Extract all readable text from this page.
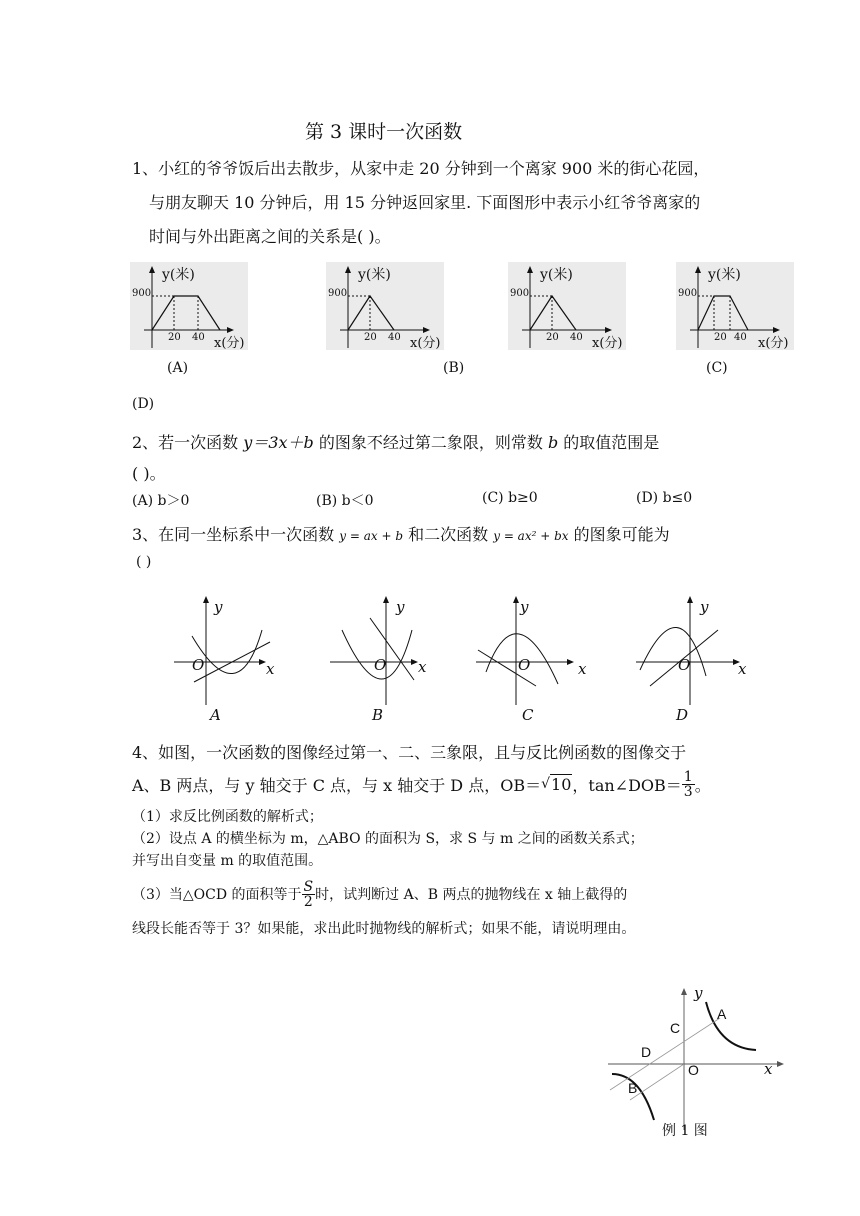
第 3 课时一次函数
1、小红的爷爷饭后出去散步，从家中走 20 分钟到一个离家 900 米的街心花园，
与朋友聊天 10 分钟后，用 15 分钟返回家里. 下面图形中表示小红爷爷离家的
时间与外出距离之间的关系是( )。
900
20 40
y(米)
x(分)
900
20 40
y(米)
x(分)
900
20 40
y(米)
x(分)
900
20 40
y(米)
x(分)
(A)	(B)	(C)
(D)
2、若一次函数 y＝3x＋b 的图象不经过第二象限，则常数 b 的取值范围是
( )。
(A) b＞0	(B) b＜0	(C) b≥0	(D) b≤0
3、在同一坐标系中一次函数 y = ax + b 和二次函数 y = ax² + bx 的图象可能为
( )
y
x
O
y
x
O
y
x
O
y
x
O
A	B	C	D
4、如图，一次函数的图像经过第一、二、三象限，且与反比例函数的图像交于
A、B 两点，与 y 轴交于 C 点，与 x 轴交于 D 点，OB＝ √ 10 ，tan∠DOB＝ $\frac{1}{3}$ 。
（1）求反比例函数的解析式；
（2）设点 A 的横坐标为 m，△ABO 的面积为 S，求 S 与 m 之间的函数关系式；
并写出自变量 m 的取值范围。
（3）当△OCD 的面积等于 $\frac{S}{2}$ 时，试判断过 A、B 两点的抛物线在 x 轴上截得的
线段长能否等于 3？如果能，求出此时抛物线的解析式；如果不能，请说明理由。
y
x
A
C
D
O
B
例 1 图
